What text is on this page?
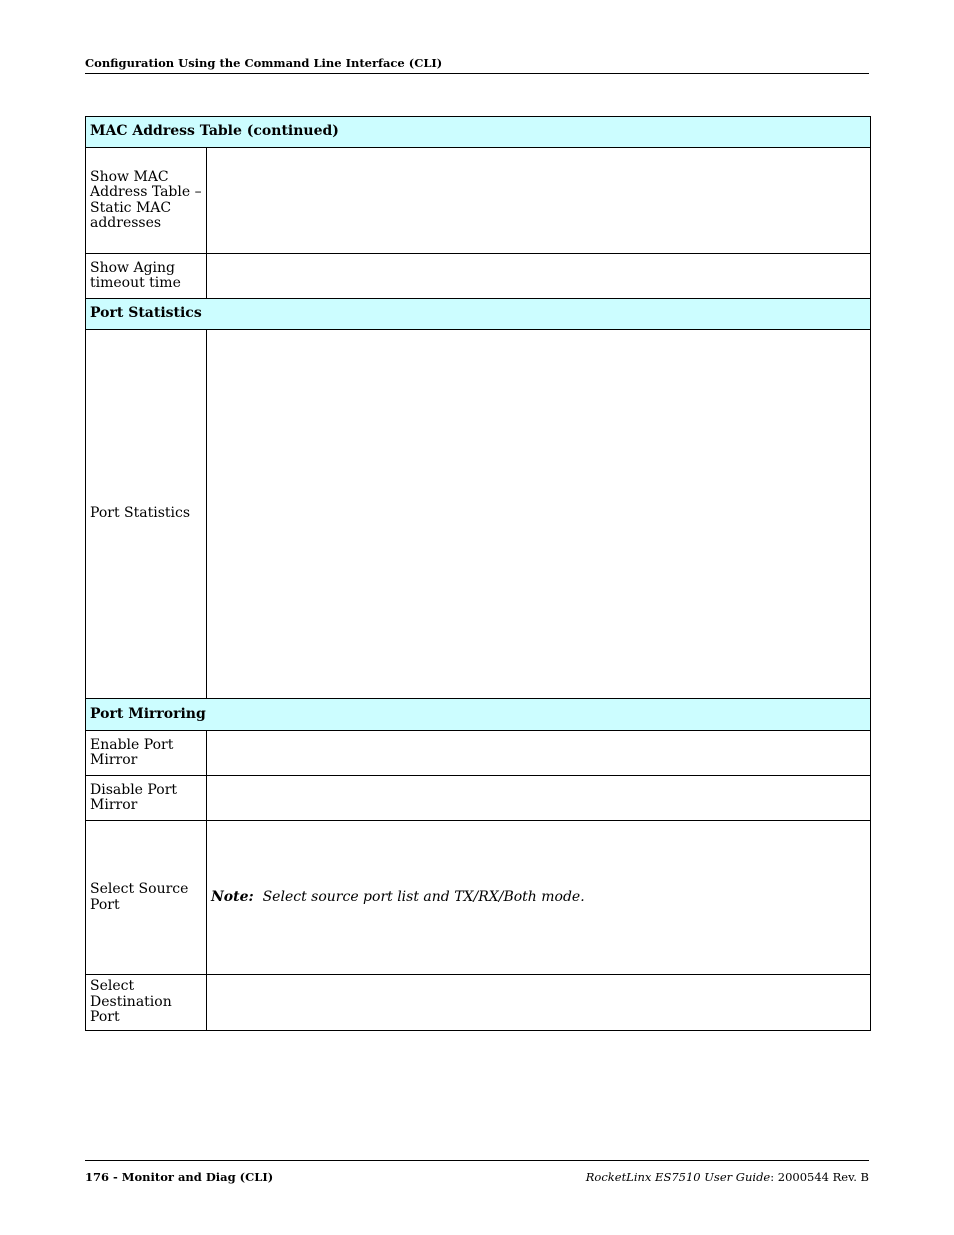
Configuration Using the Command Line Interface (CLI)
MAC Address Table (continued)	
Show MAC Address Table – Static MAC addresses	
Show Aging timeout time	
Port Statistics	
Port Statistics	
Port Mirroring	
Enable Port Mirror	
Disable Port Mirror	
Select Source Port	Note: Select source port list and TX/RX/Both mode.
Select Destination Port	
176 - Monitor and Diag (CLI)	RocketLinx ES7510 User Guide: 2000544 Rev. B
